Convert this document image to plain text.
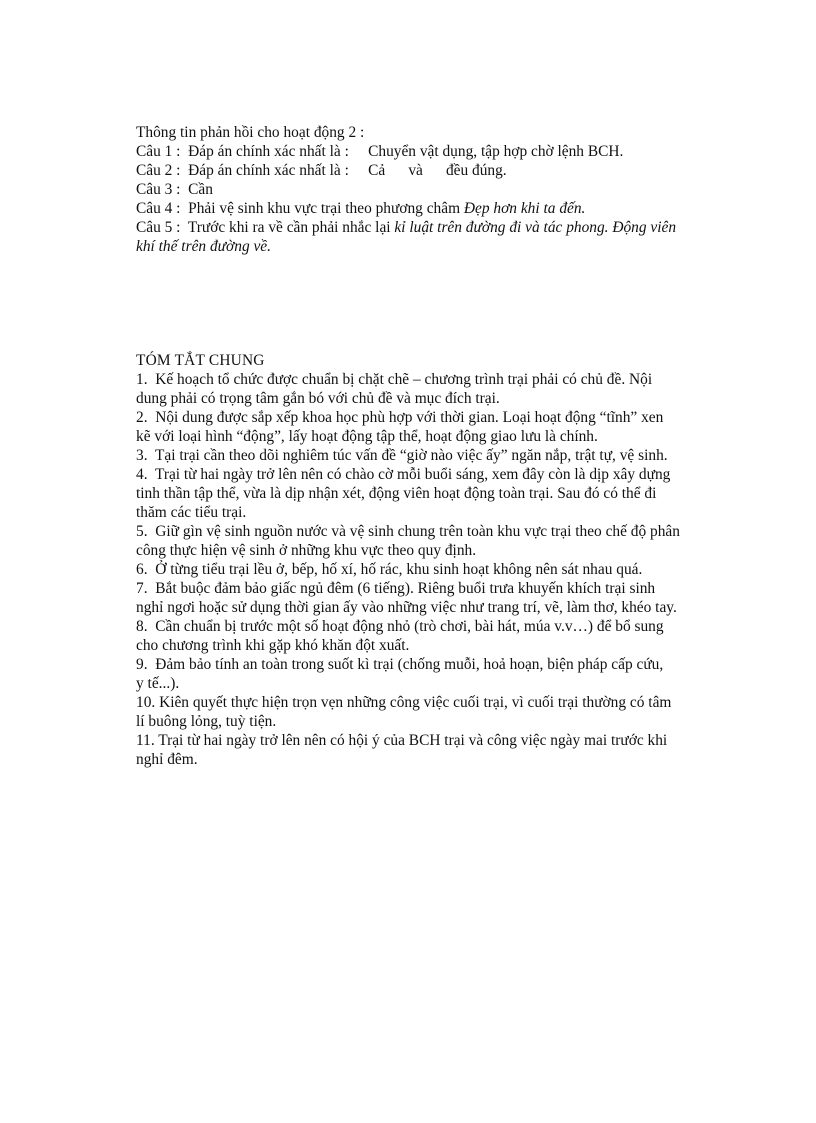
Thông tin phản hồi cho hoạt động 2 :

Câu 1 : Đáp án chính xác nhất là : Chuyển vật dụng, tập hợp chờ lệnh BCH.

Câu 2 : Đáp án chính xác nhất là : Cả và đều đúng.

Câu 3 : Cần

Câu 4 : Phải vệ sinh khu vực trại theo phương châm Đẹp hơn khi ta đến.

Câu 5 : Trước khi ra về cần phải nhắc lại kỉ luật trên đường đi và tác phong. Động viên khí thế trên đường về.

TÓM TẮT CHUNG

1.  Kế hoạch tổ chức được chuẩn bị chặt chẽ – chương trình trại phải có chủ đề. Nội dung phải có trọng tâm gắn bó với chủ đề và mục đích trại.

2.  Nội dung được sắp xếp khoa học phù hợp với thời gian. Loại hoạt động “tĩnh” xen kẽ với loại hình “động”, lấy hoạt động tập thể, hoạt động giao lưu là chính.

3.  Tại trại cần theo dõi nghiêm túc vấn đề “giờ nào việc ấy” ngăn nắp, trật tự, vệ sinh.

4.  Trại từ hai ngày trở lên nên có chào cờ mỗi buổi sáng, xem đây còn là dịp xây dựng tinh thần tập thể, vừa là dịp nhận xét, động viên hoạt động toàn trại. Sau đó có thể đi thăm các tiểu trại.

5.  Giữ gìn vệ sinh nguồn nước và vệ sinh chung trên toàn khu vực trại theo chế độ phân công thực hiện vệ sinh ở những khu vực theo quy định.

6.  Ở từng tiểu trại lều ở, bếp, hố xí, hố rác, khu sinh hoạt không nên sát nhau quá.

7.  Bắt buộc đảm bảo giấc ngủ đêm (6 tiếng). Riêng buổi trưa khuyến khích trại sinh nghỉ ngơi hoặc sử dụng thời gian ấy vào những việc như trang trí, vẽ, làm thơ, khéo tay.

8.  Cần chuẩn bị trước một số hoạt động nhỏ (trò chơi, bài hát, múa v.v…) để bổ sung cho chương trình khi gặp khó khăn đột xuất.

9.  Đảm bảo tính an toàn trong suốt kì trại (chống muỗi, hoả hoạn, biện pháp cấp cứu,     y tế...).

10. Kiên quyết thực hiện trọn vẹn những công việc cuối trại, vì cuối trại thường có tâm lí buông lỏng, tuỳ tiện.

11. Trại từ hai ngày trở lên nên có hội ý của BCH trại và công việc ngày mai trước khi nghỉ đêm.
